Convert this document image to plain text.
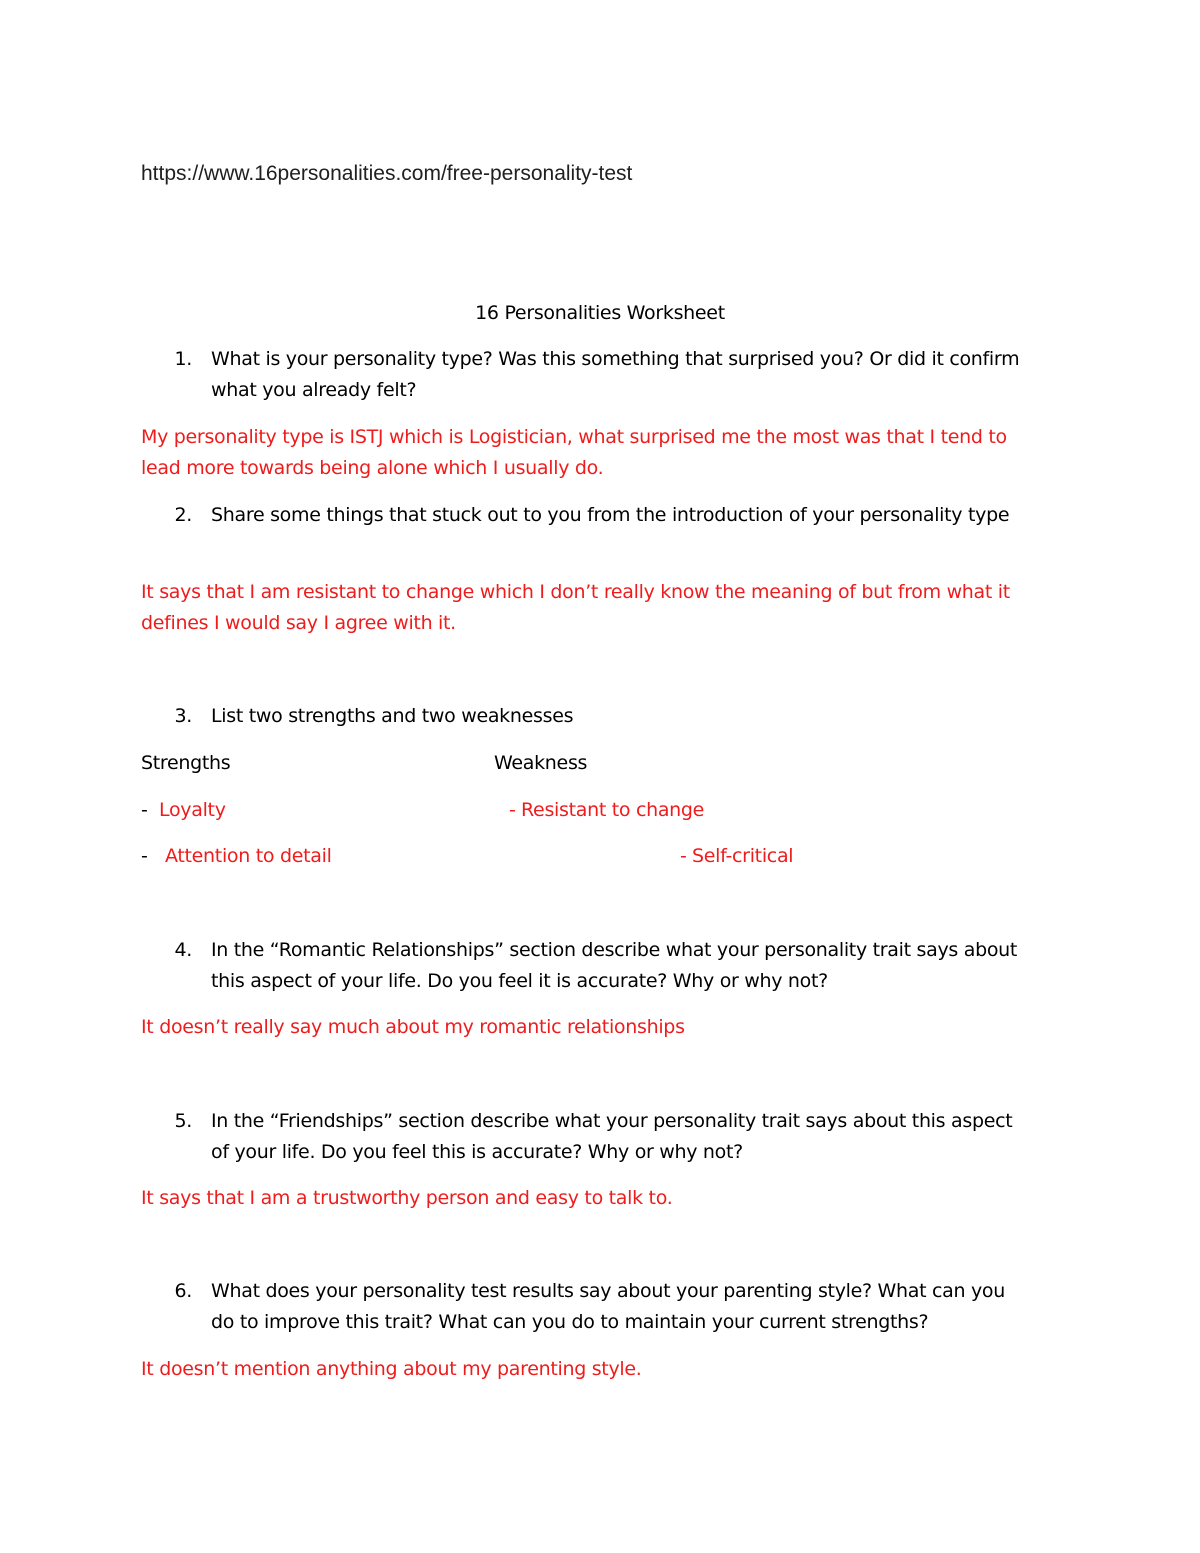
https://www.16personalities.com/free-personality-test
16 Personalities Worksheet
1. What is your personality type? Was this something that surprised you? Or did it confirm
what you already felt?
My personality type is ISTJ which is Logistician, what surprised me the most was that I tend to
lead more towards being alone which I usually do.
2. Share some things that stuck out to you from the introduction of your personality type
It says that I am resistant to change which I don’t really know the meaning of but from what it
defines I would say I agree with it.
3. List two strengths and two weaknesses
Strengths	Weakness
- Loyalty	- Resistant to change
- Attention to detail	- Self-critical
4. In the “Romantic Relationships” section describe what your personality trait says about
this aspect of your life. Do you feel it is accurate? Why or why not?
It doesn’t really say much about my romantic relationships
5. In the “Friendships” section describe what your personality trait says about this aspect
of your life. Do you feel this is accurate? Why or why not?
It says that I am a trustworthy person and easy to talk to.
6. What does your personality test results say about your parenting style? What can you
do to improve this trait? What can you do to maintain your current strengths?
It doesn’t mention anything about my parenting style.
